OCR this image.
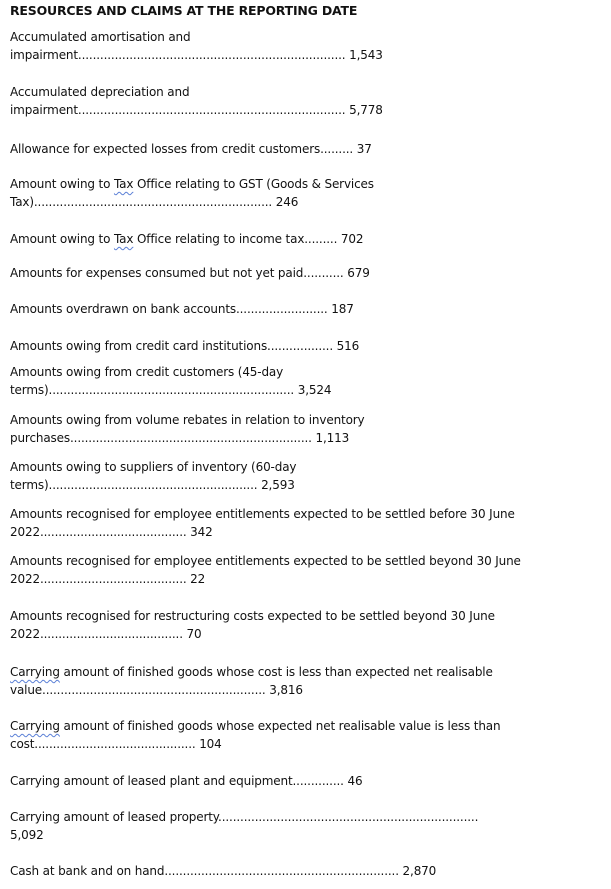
RESOURCES AND CLAIMS AT THE REPORTING DATE
Accumulated amortisation and
impairment......................................................................... 1,543
Accumulated depreciation and
impairment......................................................................... 5,778
Allowance for expected losses from credit customers......... 37
Amount owing to Tax Office relating to GST (Goods & Services
Tax)................................................................. 246
Amount owing to Tax Office relating to income tax......... 702
Amounts for expenses consumed but not yet paid........... 679
Amounts overdrawn on bank accounts......................... 187
Amounts owing from credit card institutions.................. 516
Amounts owing from credit customers (45-day
terms)................................................................... 3,524
Amounts owing from volume rebates in relation to inventory
purchases.................................................................. 1,113
Amounts owing to suppliers of inventory (60-day
terms)......................................................... 2,593
Amounts recognised for employee entitlements expected to be settled before 30 June
2022........................................ 342
Amounts recognised for employee entitlements expected to be settled beyond 30 June
2022........................................ 22
Amounts recognised for restructuring costs expected to be settled beyond 30 June
2022....................................... 70
Carrying amount of finished goods whose cost is less than expected net realisable
value............................................................. 3,816
Carrying amount of finished goods whose expected net realisable value is less than
cost............................................ 104
Carrying amount of leased plant and equipment.............. 46
Carrying amount of leased property.......................................................................
5,092
Cash at bank and on hand................................................................ 2,870
